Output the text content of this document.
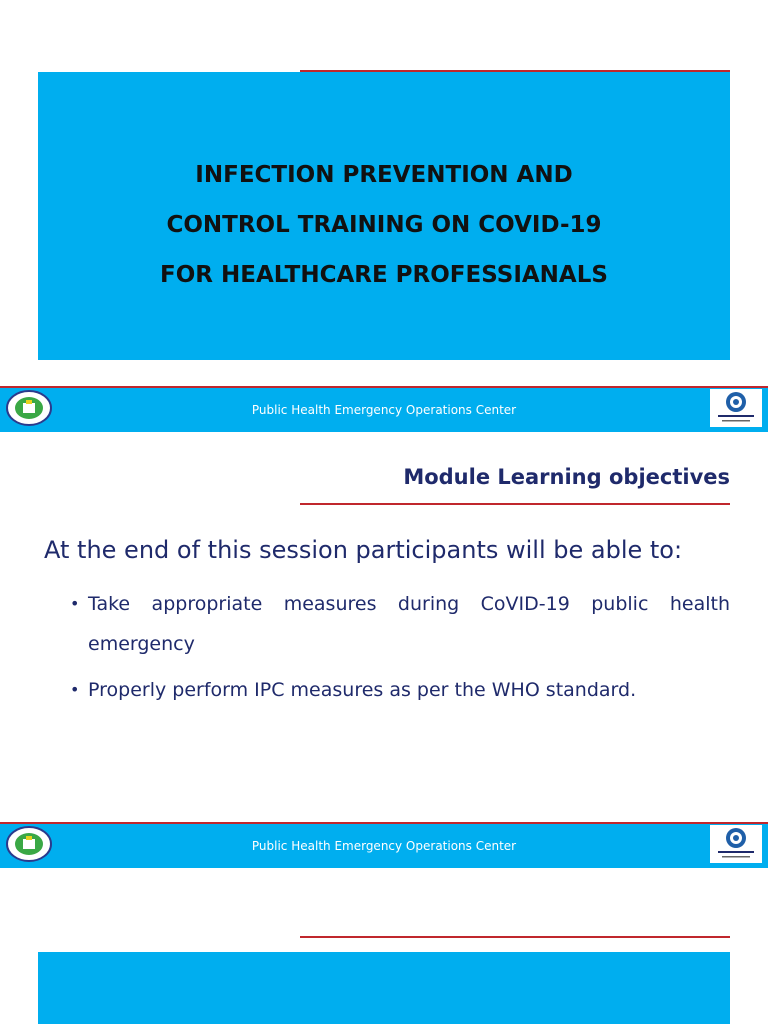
INFECTION PREVENTION AND
CONTROL TRAINING ON COVID-19
FOR HEALTHCARE PROFESSIANALS
Public Health Emergency Operations Center
Module Learning objectives
At the end of this session participants will be able to:
• Take appropriate measures during CoVID-19 public health emergency
• Properly perform IPC measures as per the WHO standard.
Public Health Emergency Operations Center
